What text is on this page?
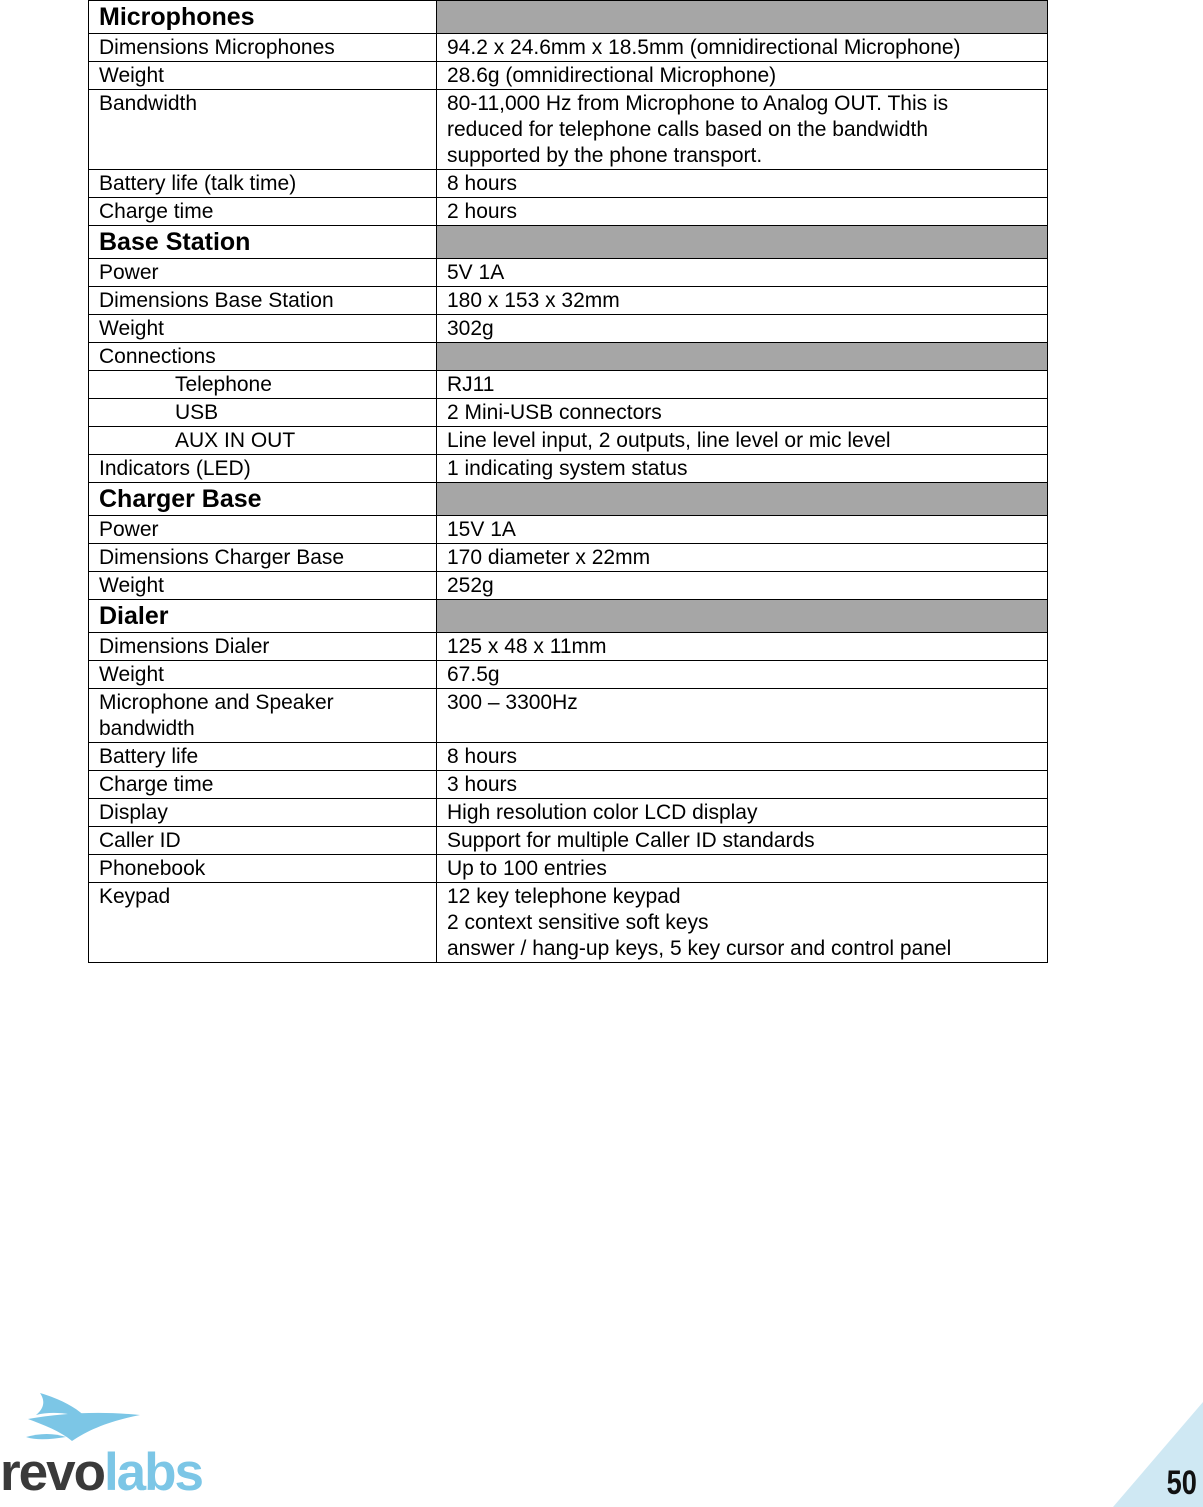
Microphones	
Dimensions Microphones	94.2 x 24.6mm x 18.5mm (omnidirectional Microphone)
Weight	28.6g (omnidirectional Microphone)
Bandwidth	80-11,000 Hz from Microphone to Analog OUT. This is
reduced for telephone calls based on the bandwidth
supported by the phone transport.
Battery life (talk time)	8 hours
Charge time	2 hours
Base Station	
Power	5V 1A
Dimensions Base Station	180 x 153 x 32mm
Weight	302g
Connections	
Telephone	RJ11
USB	2 Mini-USB connectors
AUX IN OUT	Line level input, 2 outputs, line level or mic level
Indicators (LED)	1 indicating system status
Charger Base	
Power	15V 1A
Dimensions Charger Base	170 diameter x 22mm
Weight	252g
Dialer	
Dimensions Dialer	125 x 48 x 11mm
Weight	67.5g
Microphone and Speaker
bandwidth	300 – 3300Hz
Battery life	8 hours
Charge time	3 hours
Display	High resolution color LCD display
Caller ID	Support for multiple Caller ID standards
Phonebook	Up to 100 entries
Keypad	12 key telephone keypad
2 context sensitive soft keys
answer / hang-up keys, 5 key cursor and control panel
revolabs	50
